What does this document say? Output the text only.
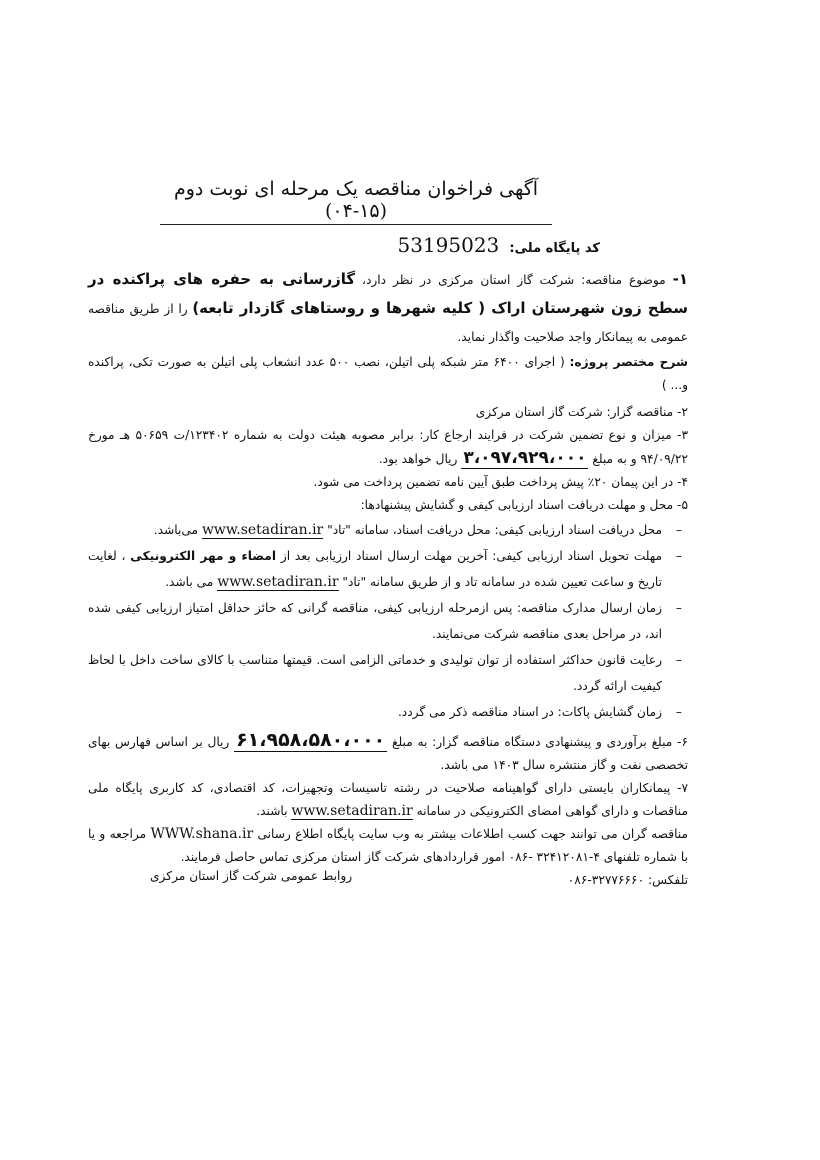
آگهی فراخوان مناقصه یک مرحله ای نوبت دوم (۱۵-۰۴)
کد پایگاه ملی: 53195023

۱- موضوع مناقصه: شرکت گاز استان مرکزی در نظر دارد، گازرسانی به حفره های پراکنده در سطح زون شهرستان اراک ( کلیه شهرها و روستاهای گازدار تابعه) را از طریق مناقصه عمومی به پیمانکار واجد صلاحیت واگذار نماید.

شرح مختصر پروژه: ( اجرای ۶۴۰۰ متر شبکه پلی اتیلن، نصب ۵۰۰ عدد انشعاب پلی اتیلن به صورت تکی، پراکنده و... )

۲- مناقصه گزار: شرکت گاز استان مرکزی

۳- میزان و نوع تضمین شرکت در فرایند ارجاع کار: برابر مصوبه هیئت دولت به شماره ۱۲۳۴۰۲/ت ۵۰۶۵۹ هـ مورخ ۹۴/۰۹/۲۲ و به مبلغ ۳،۰۹۷،۹۲۹،۰۰۰ ریال خواهد بود.

۴- در این پیمان ۲۰٪ پیش پرداخت طبق آیین نامه تضمین پرداخت می شود.

۵- محل و مهلت دریافت اسناد ارزیابی کیفی و گشایش پیشنهادها:

– محل دریافت اسناد ارزیابی کیفی: محل دریافت اسناد، سامانه "تاد" www.setadiran.ir می‌باشد.
– مهلت تحویل اسناد ارزیابی کیفی: آخرین مهلت ارسال اسناد ارزیابی بعد از امضاء و مهر الکترونیکی ، لغایت تاریخ و ساعت تعیین شده در سامانه تاد و از طریق سامانه "تاد" www.setadiran.ir می باشد.
– زمان ارسال مدارک مناقصه: پس ازمرحله ارزیابی کیفی، مناقصه گرانی که حائز حداقل امتیاز ارزیابی کیفی شده اند، در مراحل بعدی مناقصه شرکت می‌نمایند.
– رعایت قانون حداکثر استفاده از توان تولیدی و خدماتی الزامی است. قیمتها متناسب با کالای ساخت داخل با لحاظ کیفیت ارائه گردد.
– زمان گشایش پاکات: در اسناد مناقصه ذکر می گردد.

۶- مبلغ برآوردی و پیشنهادی دستگاه مناقصه گزار: به مبلغ ۶۱،۹۵۸،۵۸۰،۰۰۰ ریال بر اساس فهارس بهای تخصصی نفت و گاز منتشره سال ۱۴۰۳ می باشد.

۷- پیمانکاران بایستی دارای گواهینامه صلاحیت در رشته تاسیسات وتجهیزات، کد اقتصادی، کد کاربری پایگاه ملی مناقصات و دارای گواهی امضای الکترونیکی در سامانه www.setadiran.ir باشند.

مناقصه گران می توانند جهت کسب اطلاعات بیشتر به وب سایت پایگاه اطلاع رسانی WWW.shana.ir مراجعه و یا با شماره تلفنهای ۴-۳۲۴۱۲۰۸۱ -۰۸۶ امور قراردادهای شرکت گاز استان مرکزی تماس حاصل فرمایند.

تلفکس: ۳۲۷۷۶۶۶۰-۰۸۶
روابط عمومی شرکت گاز استان مرکزی
